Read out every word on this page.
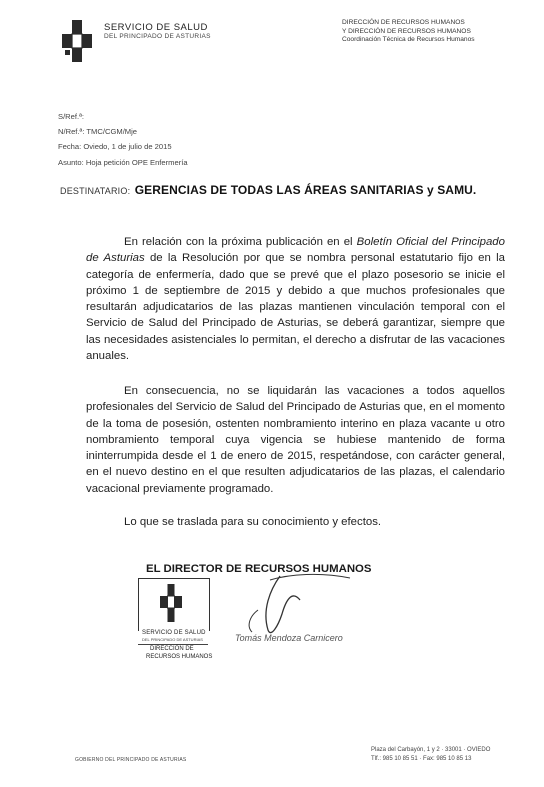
SERVICIO DE SALUD
DEL PRINCIPADO DE ASTURIAS
DIRECCIÓN DE RECURSOS HUMANOS
Y DIRECCIÓN DE RECURSOS HUMANOS
Coordinación Técnica de Recursos Humanos
S/Ref.ª:
N/Ref.ª: TMC/CGM/Mje
Fecha: Oviedo, 1 de julio de 2015
Asunto: Hoja petición OPE Enfermería
DESTINATARIO: GERENCIAS DE TODAS LAS ÁREAS SANITARIAS y SAMU.
En relación con la próxima publicación en el Boletín Oficial del Principado de Asturias de la Resolución por que se nombra personal estatutario fijo en la categoría de enfermería, dado que se prevé que el plazo posesorio se inicie el próximo 1 de septiembre de 2015 y debido a que muchos profesionales que resultarán adjudicatarios de las plazas mantienen vinculación temporal con el Servicio de Salud del Principado de Asturias, se deberá garantizar, siempre que las necesidades asistenciales lo permitan, el derecho a disfrutar de las vacaciones anuales.
En consecuencia, no se liquidarán las vacaciones a todos aquellos profesionales del Servicio de Salud del Principado de Asturias que, en el momento de la toma de posesión, ostenten nombramiento interino en plaza vacante u otro nombramiento temporal cuya vigencia se hubiese mantenido de forma ininterrumpida desde el 1 de enero de 2015, respetándose, con carácter general, en el nuevo destino en el que resulten adjudicatarios de las plazas, el calendario vacacional previamente programado.
Lo que se traslada para su conocimiento y efectos.
EL DIRECTOR DE RECURSOS HUMANOS
SERVICIO DE SALUD
DEL PRINCIPADO DE ASTURIAS
DIRECCIÓN DE
RECURSOS HUMANOS
Tomás Mendoza Carnicero
GOBIERNO DEL PRINCIPADO DE ASTURIAS
Plaza del Carbayón, 1 y 2 · 33001 · OVIEDO
Tlf.: 985 10 85 51 · Fax: 985 10 85 13
